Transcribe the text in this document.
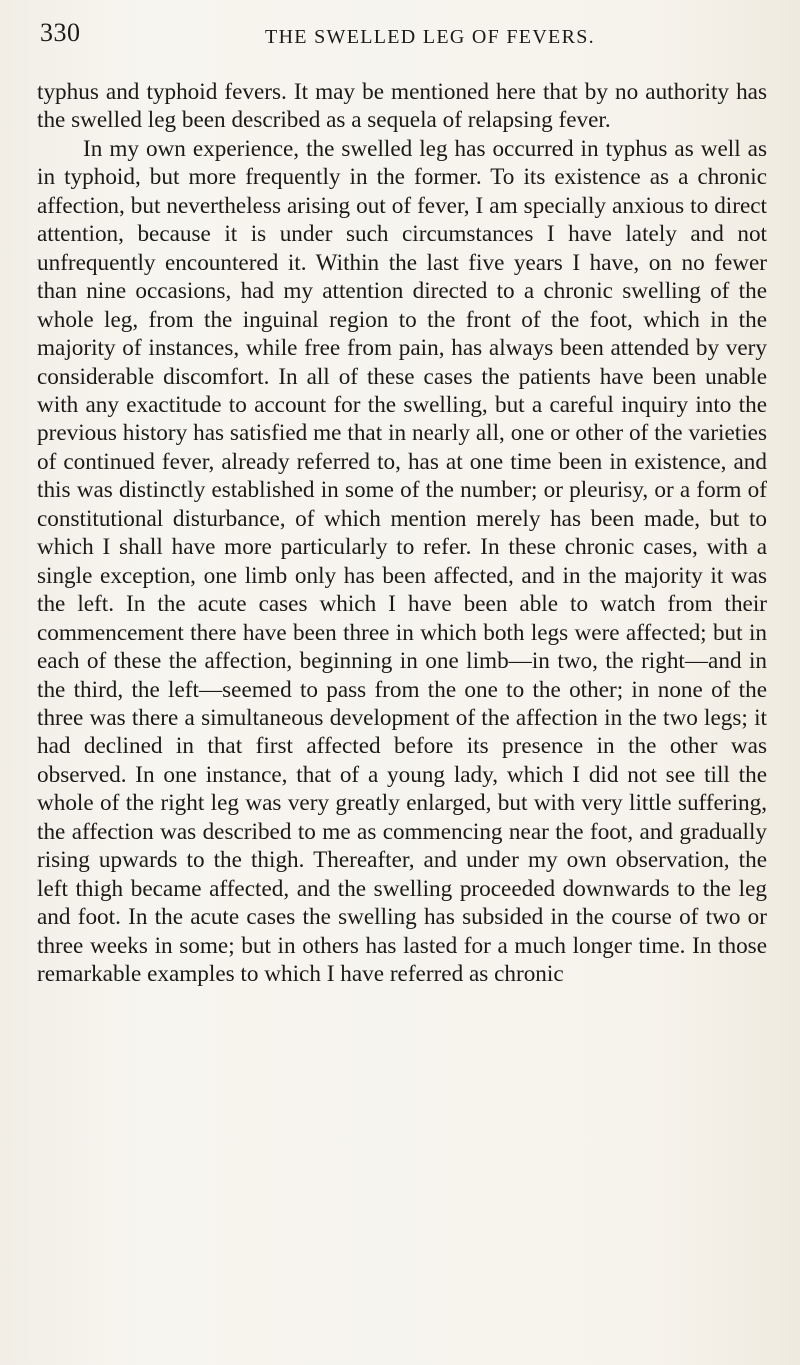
330	THE SWELLED LEG OF FEVERS.

typhus and typhoid fevers. It may be mentioned here that by no authority has the swelled leg been described as a sequela of relapsing fever.

In my own experience, the swelled leg has occurred in typhus as well as in typhoid, but more frequently in the former. To its existence as a chronic affection, but nevertheless arising out of fever, I am specially anxious to direct attention, because it is under such circumstances I have lately and not unfrequently encountered it. Within the last five years I have, on no fewer than nine occasions, had my attention directed to a chronic swelling of the whole leg, from the inguinal region to the front of the foot, which in the majority of instances, while free from pain, has always been attended by very considerable discomfort. In all of these cases the patients have been unable with any exactitude to account for the swelling, but a careful inquiry into the previous history has satisfied me that in nearly all, one or other of the varieties of continued fever, already referred to, has at one time been in existence, and this was distinctly established in some of the number; or pleurisy, or a form of constitutional disturbance, of which mention merely has been made, but to which I shall have more particularly to refer. In these chronic cases, with a single exception, one limb only has been affected, and in the majority it was the left. In the acute cases which I have been able to watch from their commencement there have been three in which both legs were affected; but in each of these the affection, beginning in one limb—in two, the right—and in the third, the left—seemed to pass from the one to the other; in none of the three was there a simultaneous development of the affection in the two legs; it had declined in that first affected before its presence in the other was observed. In one instance, that of a young lady, which I did not see till the whole of the right leg was very greatly enlarged, but with very little suffering, the affection was described to me as commencing near the foot, and gradually rising upwards to the thigh. Thereafter, and under my own observation, the left thigh became affected, and the swelling proceeded downwards to the leg and foot. In the acute cases the swelling has subsided in the course of two or three weeks in some; but in others has lasted for a much longer time. In those remarkable examples to which I have referred as chronic
